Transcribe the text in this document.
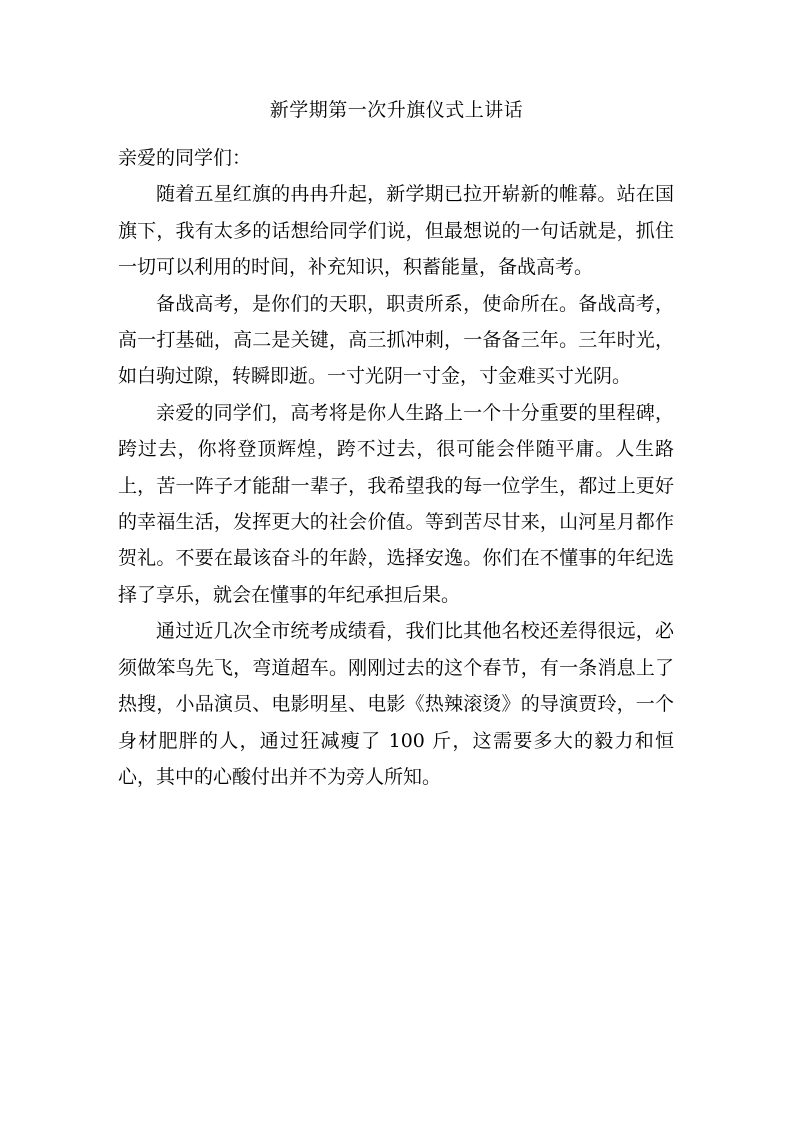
新学期第一次升旗仪式上讲话

亲爱的同学们：

随着五星红旗的冉冉升起，新学期已拉开崭新的帷幕。站在国旗下，我有太多的话想给同学们说，但最想说的一句话就是，抓住一切可以利用的时间，补充知识，积蓄能量，备战高考。

备战高考，是你们的天职，职责所系，使命所在。备战高考，高一打基础，高二是关键，高三抓冲刺，一备备三年。三年时光，如白驹过隙，转瞬即逝。一寸光阴一寸金，寸金难买寸光阴。

亲爱的同学们，高考将是你人生路上一个十分重要的里程碑，跨过去，你将登顶辉煌，跨不过去，很可能会伴随平庸。人生路上，苦一阵子才能甜一辈子，我希望我的每一位学生，都过上更好的幸福生活，发挥更大的社会价值。等到苦尽甘来，山河星月都作贺礼。不要在最该奋斗的年龄，选择安逸。你们在不懂事的年纪选择了享乐，就会在懂事的年纪承担后果。

通过近几次全市统考成绩看，我们比其他名校还差得很远，必须做笨鸟先飞，弯道超车。刚刚过去的这个春节，有一条消息上了热搜，小品演员、电影明星、电影《热辣滚烫》的导演贾玲，一个身材肥胖的人，通过狂减瘦了 100 斤，这需要多大的毅力和恒心，其中的心酸付出并不为旁人所知。
